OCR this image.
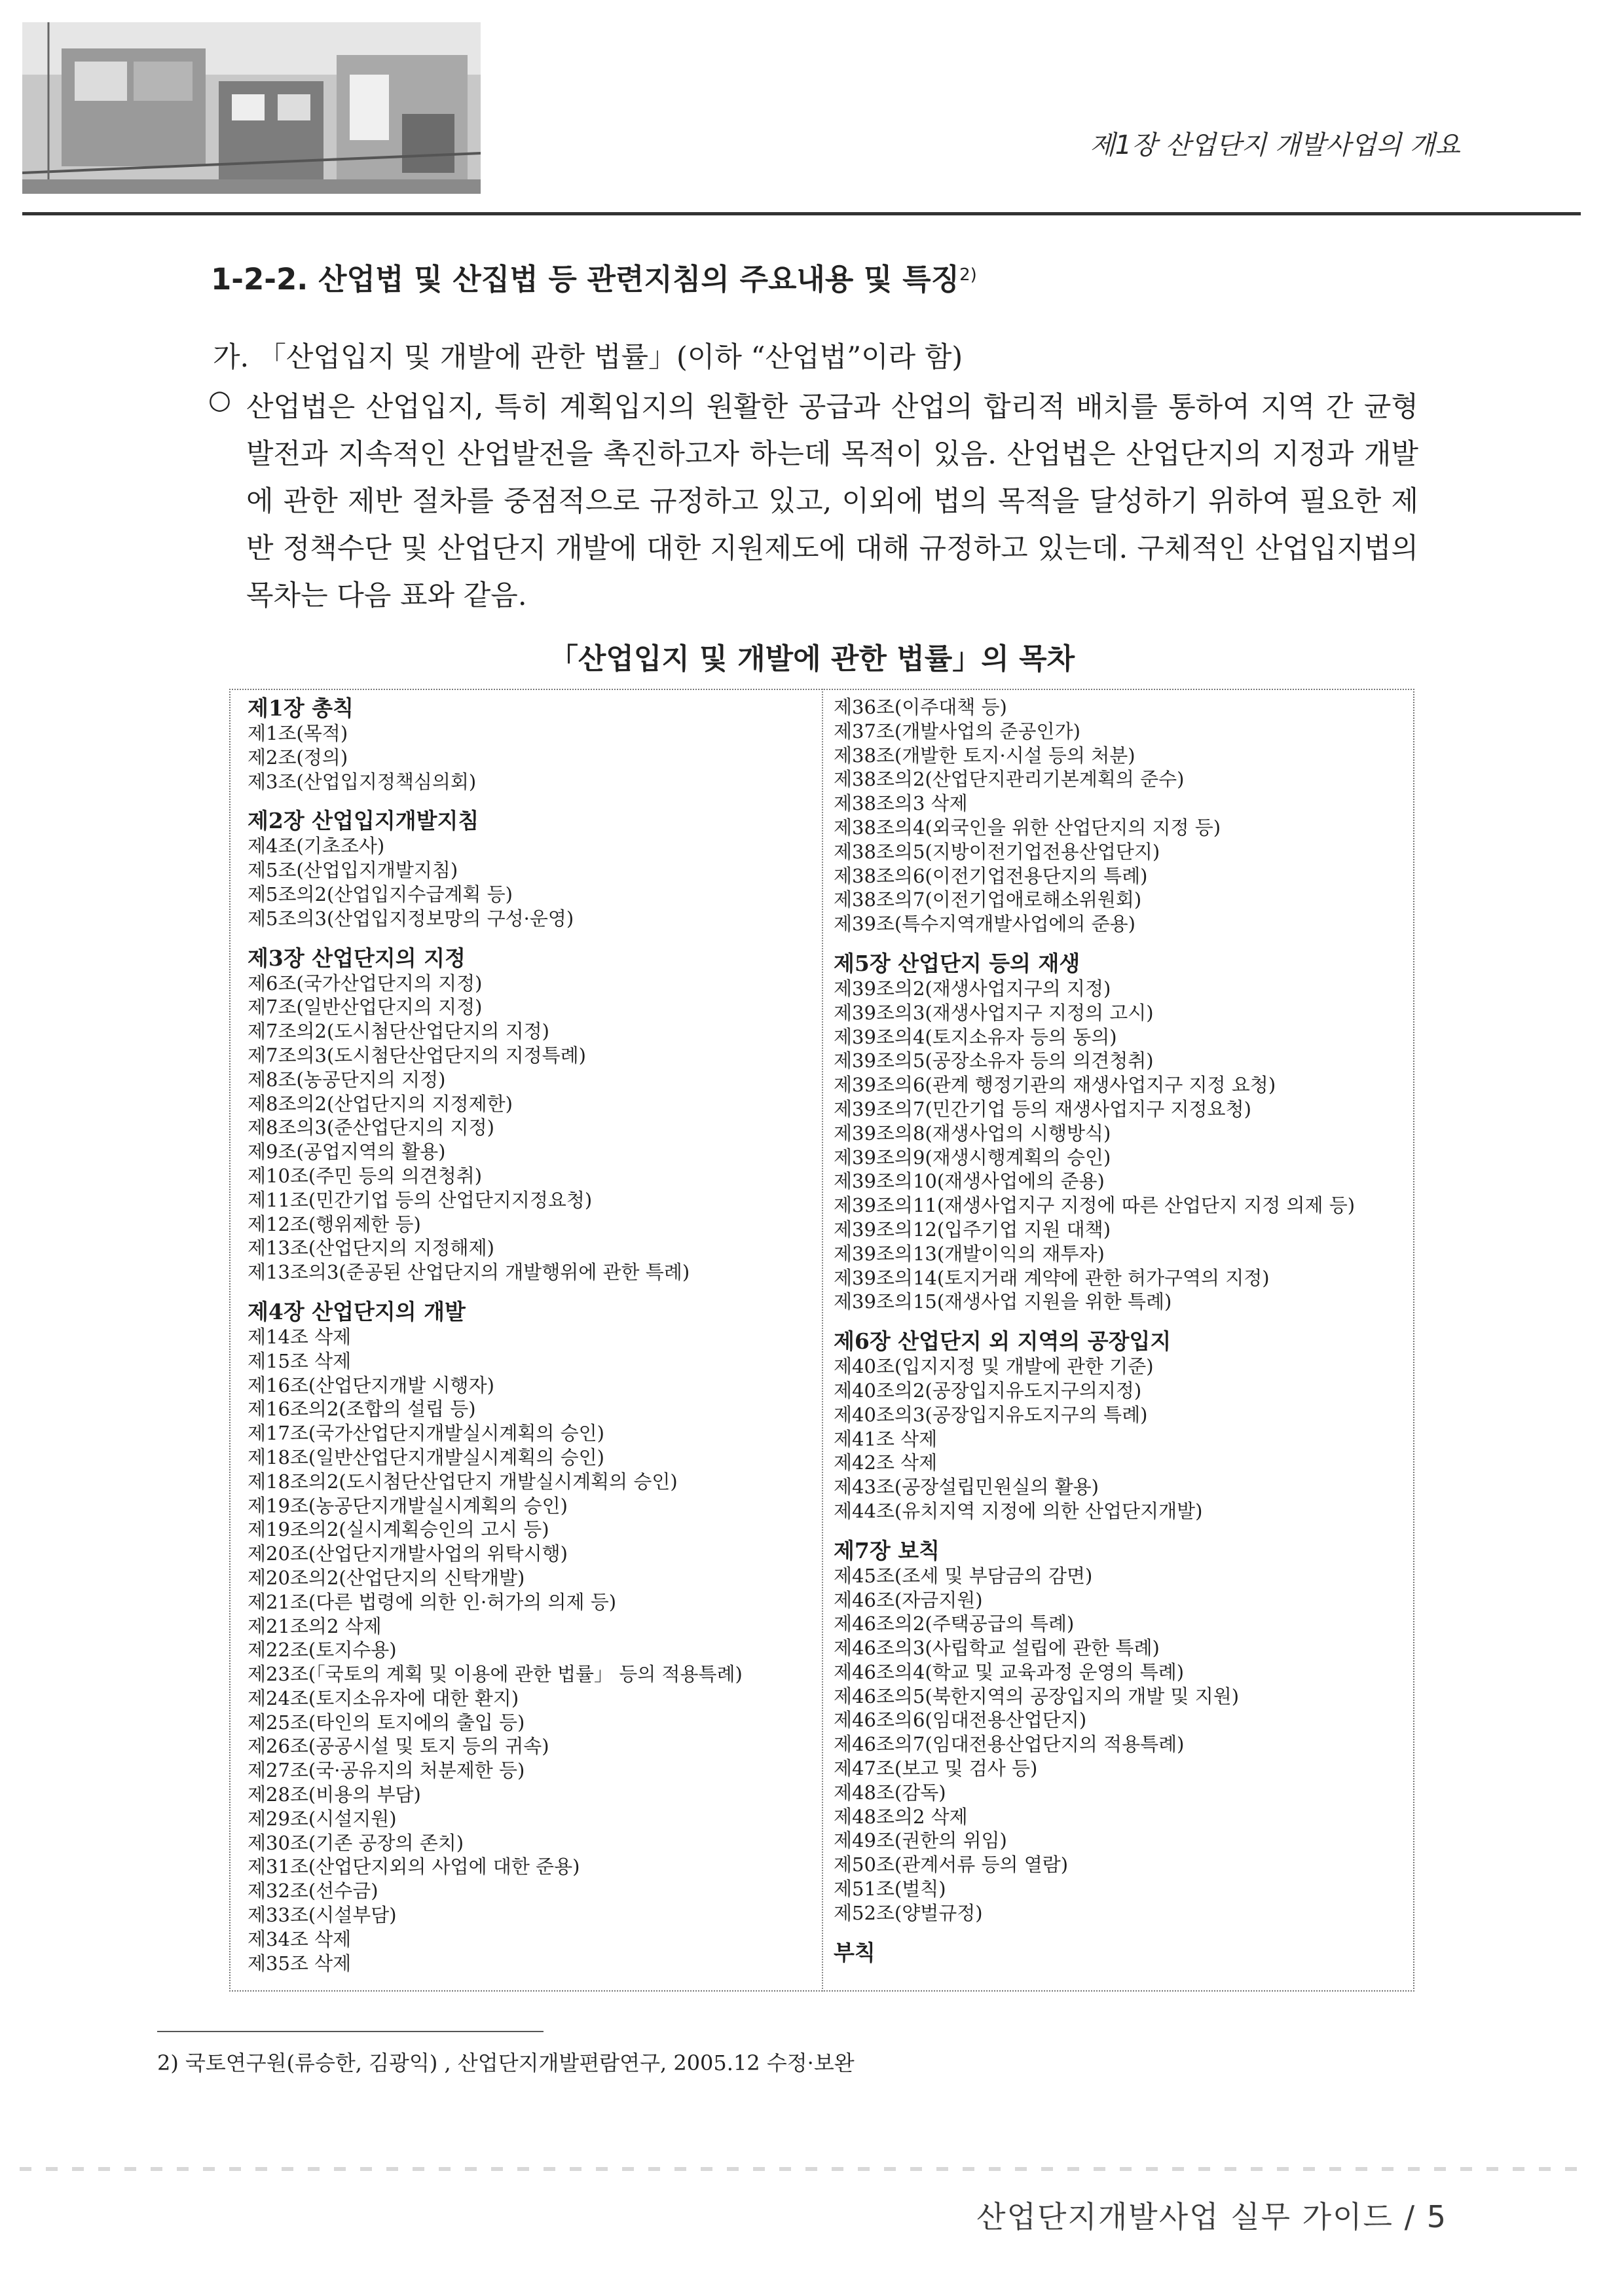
제1장 산업단지 개발사업의 개요
1-2-2. 산업법 및 산집법 등 관련지침의 주요내용 및 특징$^{2)}$
가. 「산업입지 및 개발에 관한 법률」(이하 “산업법”이라 함)
○ 산업법은 산업입지, 특히 계획입지의 원활한 공급과 산업의 합리적 배치를 통하여 지역 간 균형발전과 지속적인 산업발전을 촉진하고자 하는데 목적이 있음. 산업법은 산업단지의 지정과 개발에 관한 제반 절차를 중점적으로 규정하고 있고, 이외에 법의 목적을 달성하기 위하여 필요한 제반 정책수단 및 산업단지 개발에 대한 지원제도에 대해 규정하고 있는데. 구체적인 산업입지법의 목차는 다음 표와 같음.
「산업입지 및 개발에 관한 법률」의 목차
제1장 총칙
제1조(목적)
제2조(정의)
제3조(산업입지정책심의회)
제2장 산업입지개발지침
제4조(기초조사)
제5조(산업입지개발지침)
제5조의2(산업입지수급계획 등)
제5조의3(산업입지정보망의 구성·운영)
제3장 산업단지의 지정
제6조(국가산업단지의 지정)
제7조(일반산업단지의 지정)
제7조의2(도시첨단산업단지의 지정)
제7조의3(도시첨단산업단지의 지정특례)
제8조(농공단지의 지정)
제8조의2(산업단지의 지정제한)
제8조의3(준산업단지의 지정)
제9조(공업지역의 활용)
제10조(주민 등의 의견청취)
제11조(민간기업 등의 산업단지지정요청)
제12조(행위제한 등)
제13조(산업단지의 지정해제)
제13조의3(준공된 산업단지의 개발행위에 관한 특례)
제4장 산업단지의 개발
제14조 삭제
제15조 삭제
제16조(산업단지개발 시행자)
제16조의2(조합의 설립 등)
제17조(국가산업단지개발실시계획의 승인)
제18조(일반산업단지개발실시계획의 승인)
제18조의2(도시첨단산업단지 개발실시계획의 승인)
제19조(농공단지개발실시계획의 승인)
제19조의2(실시계획승인의 고시 등)
제20조(산업단지개발사업의 위탁시행)
제20조의2(산업단지의 신탁개발)
제21조(다른 법령에 의한 인·허가의 의제 등)
제21조의2 삭제
제22조(토지수용)
제23조(「국토의 계획 및 이용에 관한 법률」 등의 적용특례)
제24조(토지소유자에 대한 환지)
제25조(타인의 토지에의 출입 등)
제26조(공공시설 및 토지 등의 귀속)
제27조(국·공유지의 처분제한 등)
제28조(비용의 부담)
제29조(시설지원)
제30조(기존 공장의 존치)
제31조(산업단지외의 사업에 대한 준용)
제32조(선수금)
제33조(시설부담)
제34조 삭제
제35조 삭제
제36조(이주대책 등)
제37조(개발사업의 준공인가)
제38조(개발한 토지·시설 등의 처분)
제38조의2(산업단지관리기본계획의 준수)
제38조의3 삭제
제38조의4(외국인을 위한 산업단지의 지정 등)
제38조의5(지방이전기업전용산업단지)
제38조의6(이전기업전용단지의 특례)
제38조의7(이전기업애로해소위원회)
제39조(특수지역개발사업에의 준용)
제5장 산업단지 등의 재생
제39조의2(재생사업지구의 지정)
제39조의3(재생사업지구 지정의 고시)
제39조의4(토지소유자 등의 동의)
제39조의5(공장소유자 등의 의견청취)
제39조의6(관계 행정기관의 재생사업지구 지정 요청)
제39조의7(민간기업 등의 재생사업지구 지정요청)
제39조의8(재생사업의 시행방식)
제39조의9(재생시행계획의 승인)
제39조의10(재생사업에의 준용)
제39조의11(재생사업지구 지정에 따른 산업단지 지정 의제 등)
제39조의12(입주기업 지원 대책)
제39조의13(개발이익의 재투자)
제39조의14(토지거래 계약에 관한 허가구역의 지정)
제39조의15(재생사업 지원을 위한 특례)
제6장 산업단지 외 지역의 공장입지
제40조(입지지정 및 개발에 관한 기준)
제40조의2(공장입지유도지구의지정)
제40조의3(공장입지유도지구의 특례)
제41조 삭제
제42조 삭제
제43조(공장설립민원실의 활용)
제44조(유치지역 지정에 의한 산업단지개발)
제7장 보칙
제45조(조세 및 부담금의 감면)
제46조(자금지원)
제46조의2(주택공급의 특례)
제46조의3(사립학교 설립에 관한 특례)
제46조의4(학교 및 교육과정 운영의 특례)
제46조의5(북한지역의 공장입지의 개발 및 지원)
제46조의6(임대전용산업단지)
제46조의7(임대전용산업단지의 적용특례)
제47조(보고 및 검사 등)
제48조(감독)
제48조의2 삭제
제49조(권한의 위임)
제50조(관계서류 등의 열람)
제51조(벌칙)
제52조(양벌규정)
부칙
2) 국토연구원(류승한, 김광익) , 산업단지개발편람연구, 2005.12 수정·보완
산업단지개발사업 실무 가이드 / 5
